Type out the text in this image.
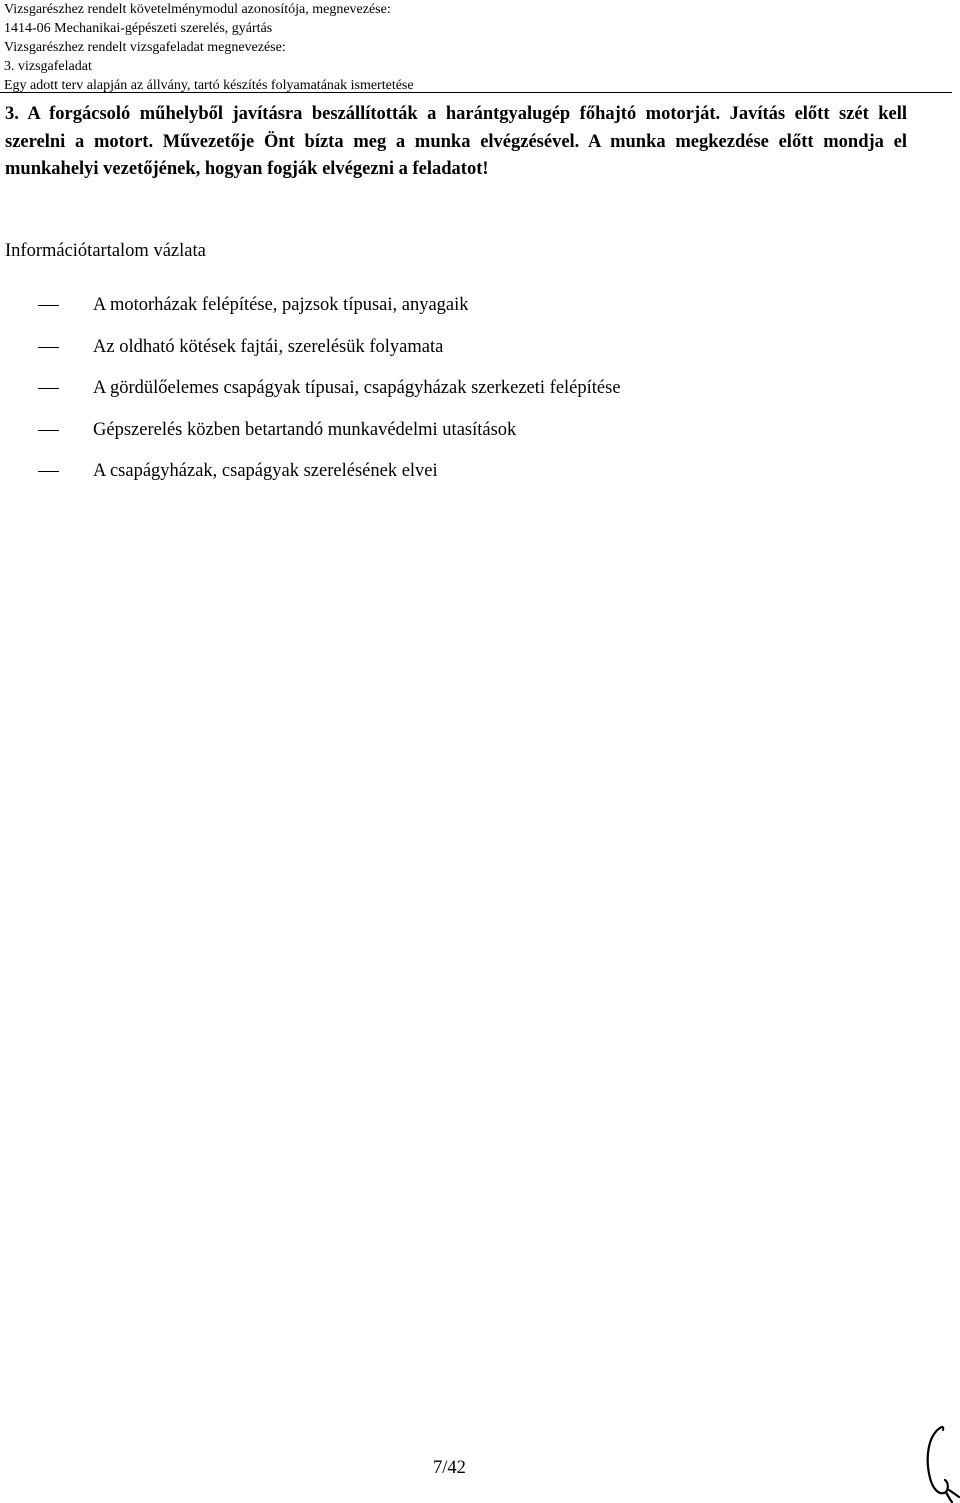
Vizsgarészhez rendelt követelménymodul azonosítója, megnevezése:
1414-06 Mechanikai-gépészeti szerelés, gyártás
Vizsgarészhez rendelt vizsgafeladat megnevezése:
3. vizsgafeladat
Egy adott terv alapján az állvány, tartó készítés folyamatának ismertetése
3. A forgácsoló műhelyből javításra beszállították a harántgyalugép főhajtó motorját. Javítás előtt szét kell szerelni a motort. Művezetője Önt bízta meg a munka elvégzésével. A munka megkezdése előtt mondja el munkahelyi vezetőjének, hogyan fogják elvégezni a feladatot!
Információtartalom vázlata
A motorházak felépítése, pajzsok típusai, anyagaik
Az oldható kötések fajtái, szerelésük folyamata
A gördülőelemes csapágyak típusai, csapágyházak szerkezeti felépítése
Gépszerelés közben betartandó munkavédelmi utasítások
A csapágyházak, csapágyak szerelésének elvei
7/42
